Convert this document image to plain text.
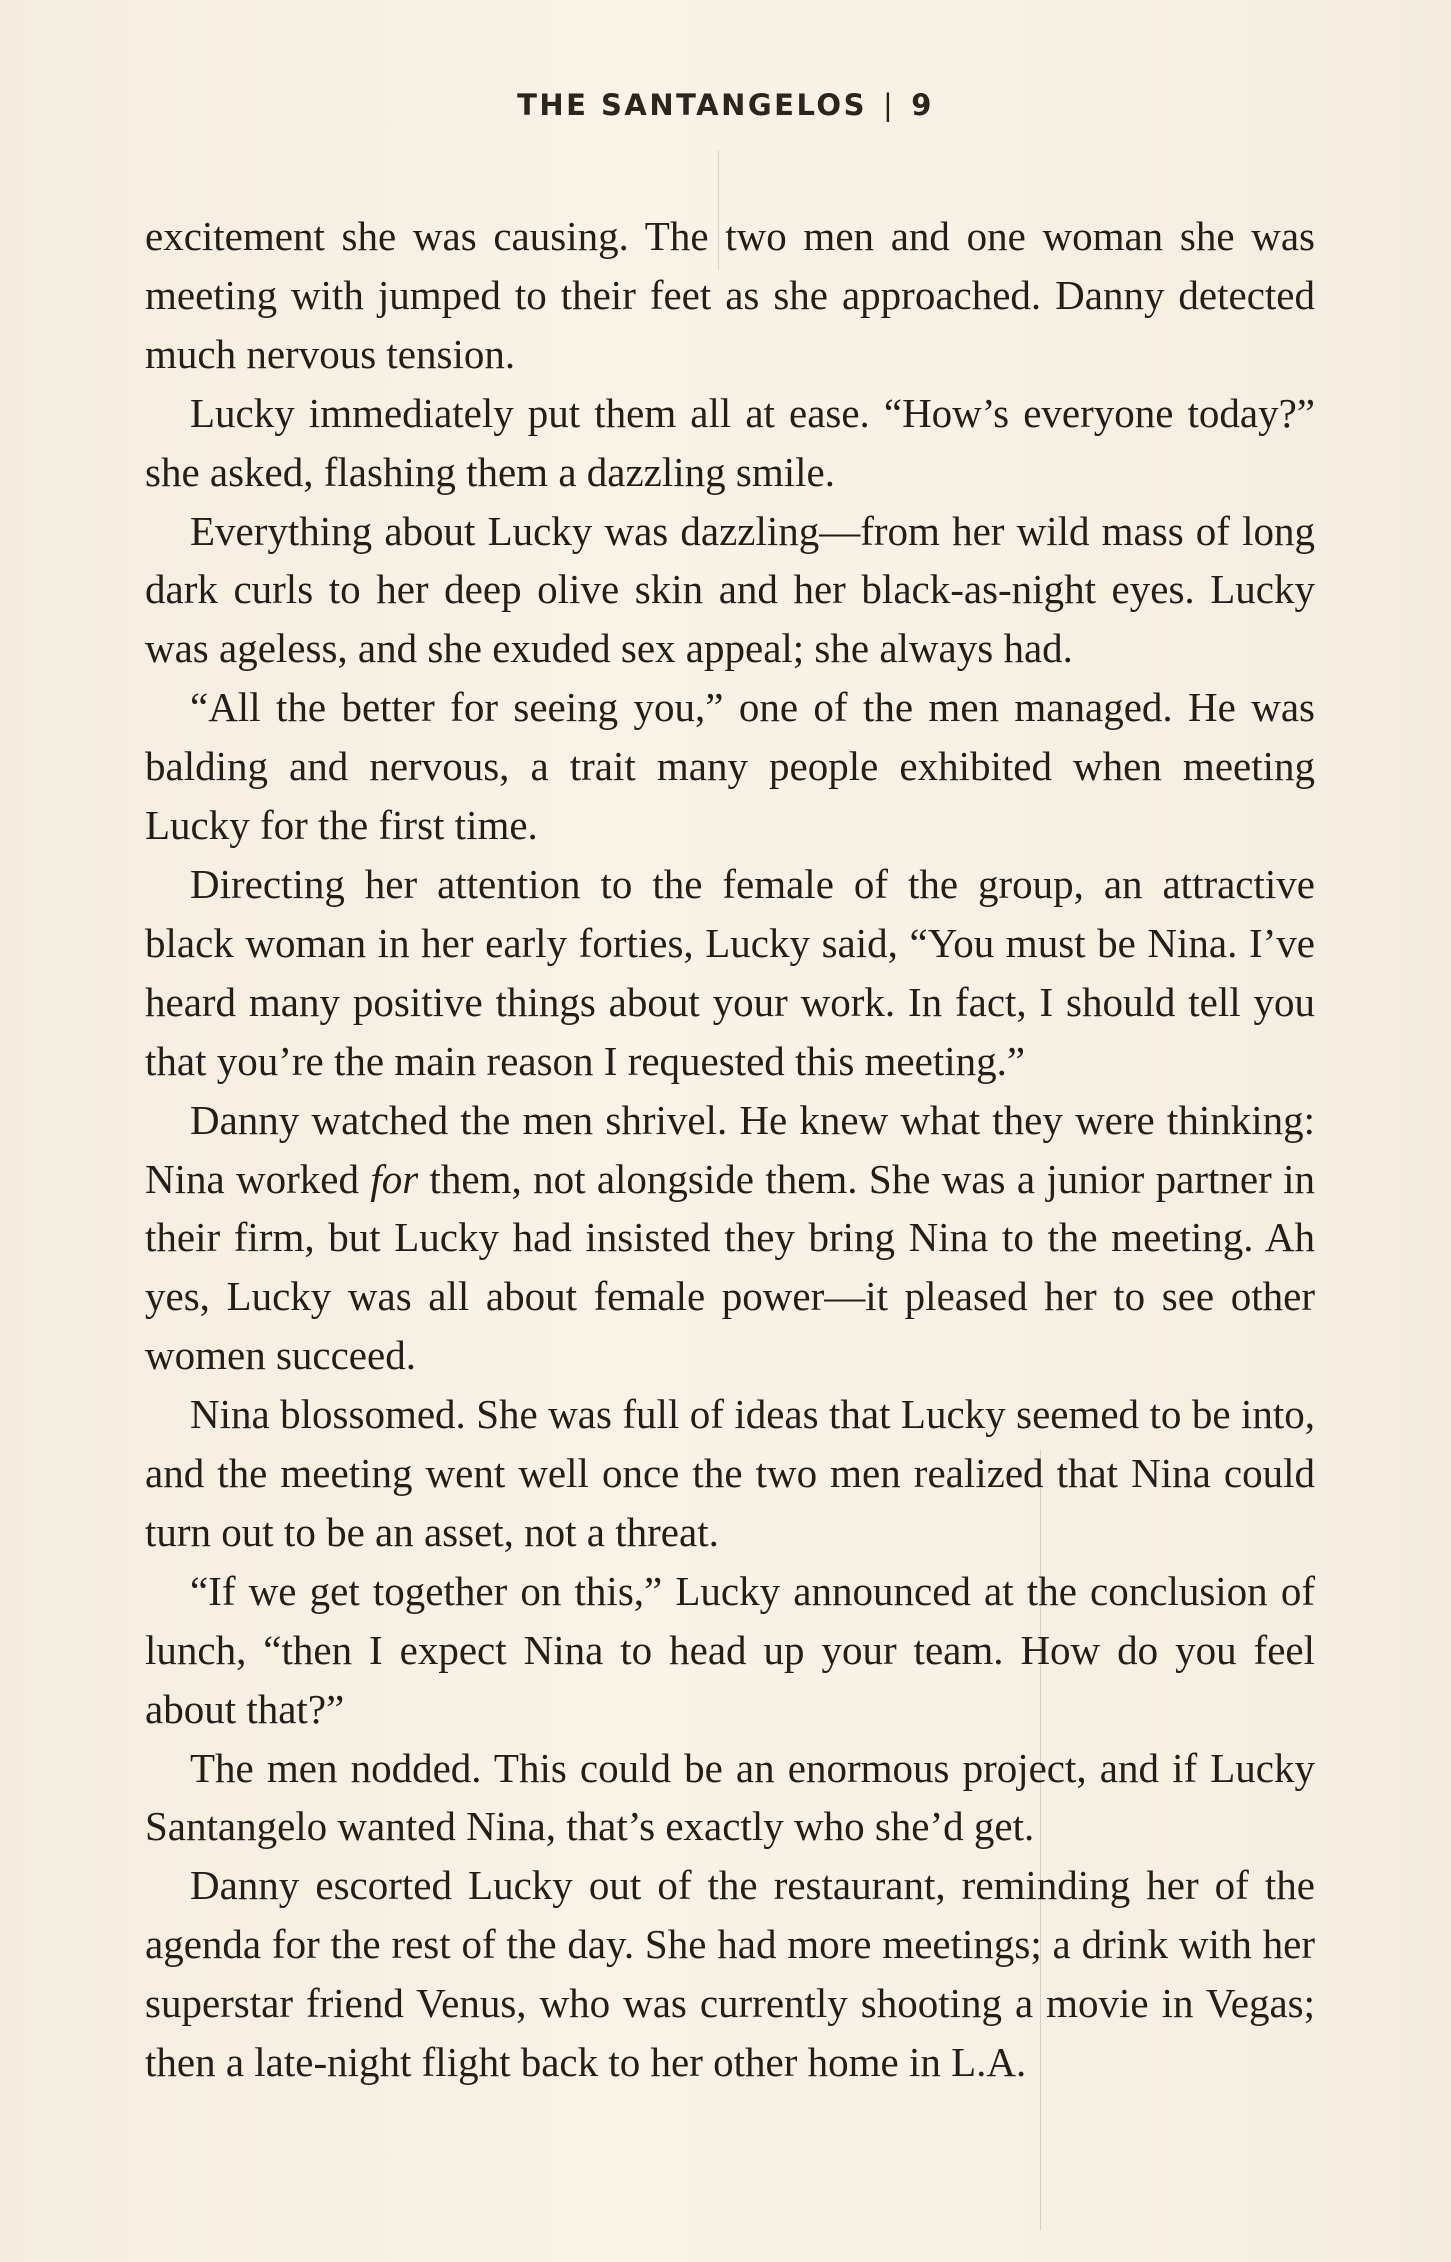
THE SANTANGELOS | 9

excitement she was causing. The two men and one woman she was meeting with jumped to their feet as she approached. Danny detected much nervous tension.

Lucky immediately put them all at ease. “How’s everyone today?” she asked, flashing them a dazzling smile.

Everything about Lucky was dazzling—from her wild mass of long dark curls to her deep olive skin and her black-as-night eyes. Lucky was ageless, and she exuded sex appeal; she always had.

“All the better for seeing you,” one of the men managed. He was balding and nervous, a trait many people exhibited when meeting Lucky for the first time.

Directing her attention to the female of the group, an attractive black woman in her early forties, Lucky said, “You must be Nina. I’ve heard many positive things about your work. In fact, I should tell you that you’re the main reason I requested this meeting.”

Danny watched the men shrivel. He knew what they were thinking: Nina worked for them, not alongside them. She was a junior partner in their firm, but Lucky had insisted they bring Nina to the meeting. Ah yes, Lucky was all about female power—it pleased her to see other women succeed.

Nina blossomed. She was full of ideas that Lucky seemed to be into, and the meeting went well once the two men realized that Nina could turn out to be an asset, not a threat.

“If we get together on this,” Lucky announced at the conclusion of lunch, “then I expect Nina to head up your team. How do you feel about that?”

The men nodded. This could be an enormous project, and if Lucky Santangelo wanted Nina, that’s exactly who she’d get.

Danny escorted Lucky out of the restaurant, reminding her of the agenda for the rest of the day. She had more meetings; a drink with her superstar friend Venus, who was currently shooting a movie in Vegas; then a late-night flight back to her other home in L.A.
